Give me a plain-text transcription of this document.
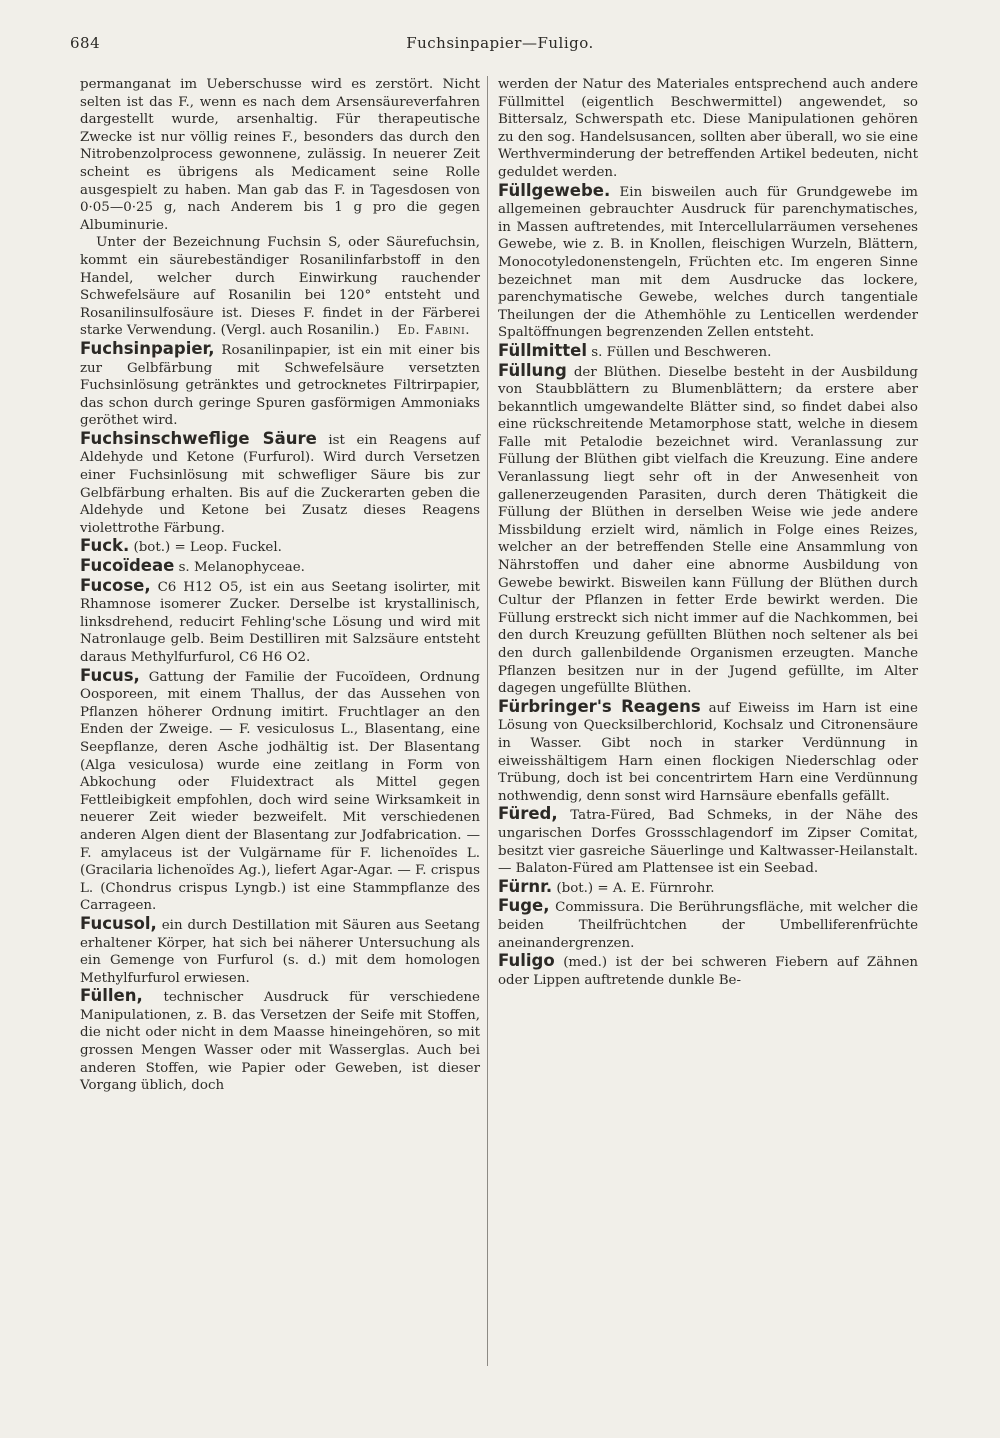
684	Fuchsinpapier—Fuligo.

permanganat im Ueberschusse wird es zerstört. Nicht selten ist das F., wenn es nach dem Arsensäureverfahren dargestellt wurde, arsenhaltig. Für therapeutische Zwecke ist nur völlig reines F., besonders das durch den Nitrobenzolprocess gewonnene, zulässig. In neuerer Zeit scheint es übrigens als Medicament seine Rolle ausgespielt zu haben. Man gab das F. in Tagesdosen von 0·05—0·25 g, nach Anderem bis 1 g pro die gegen Albuminurie.

Unter der Bezeichnung Fuchsin S, oder Säurefuchsin, kommt ein säurebeständiger Rosanilinfarbstoff in den Handel, welcher durch Einwirkung rauchender Schwefelsäure auf Rosanilin bei 120° entsteht und Rosanilinsulfosäure ist. Dieses F. findet in der Färberei starke Verwendung. (Vergl. auch Rosanilin.)	Ed. Fabini.

Fuchsinpapier, Rosanilinpapier, ist ein mit einer bis zur Gelbfärbung mit Schwefelsäure versetzten Fuchsinlösung getränktes und getrocknetes Filtrirpapier, das schon durch geringe Spuren gasförmigen Ammoniaks geröthet wird.

Fuchsinschweflige Säure ist ein Reagens auf Aldehyde und Ketone (Furfurol). Wird durch Versetzen einer Fuchsinlösung mit schwefliger Säure bis zur Gelbfärbung erhalten. Bis auf die Zuckerarten geben die Aldehyde und Ketone bei Zusatz dieses Reagens violettrothe Färbung.

Fuck. (bot.) = Leop. Fuckel.

Fucoïdeae s. Melanophyceae.

Fucose, C6 H12 O5, ist ein aus Seetang isolirter, mit Rhamnose isomerer Zucker. Derselbe ist krystallinisch, linksdrehend, reducirt Fehling'sche Lösung und wird mit Natronlauge gelb. Beim Destilliren mit Salzsäure entsteht daraus Methylfurfurol, C6 H6 O2.

Fucus, Gattung der Familie der Fucoïdeen, Ordnung Oosporeen, mit einem Thallus, der das Aussehen von Pflanzen höherer Ordnung imitirt. Fruchtlager an den Enden der Zweige. — F. vesiculosus L., Blasentang, eine Seepflanze, deren Asche jodhältig ist. Der Blasentang (Alga vesiculosa) wurde eine zeitlang in Form von Abkochung oder Fluidextract als Mittel gegen Fettleibigkeit empfohlen, doch wird seine Wirksamkeit in neuerer Zeit wieder bezweifelt. Mit verschiedenen anderen Algen dient der Blasentang zur Jodfabrication. — F. amylaceus ist der Vulgärname für F. lichenoïdes L. (Gracilaria lichenoïdes Ag.), liefert Agar-Agar. — F. crispus L. (Chondrus crispus Lyngb.) ist eine Stammpflanze des Carrageen.

Fucusol, ein durch Destillation mit Säuren aus Seetang erhaltener Körper, hat sich bei näherer Untersuchung als ein Gemenge von Furfurol (s. d.) mit dem homologen Methylfurfurol erwiesen.

Füllen, technischer Ausdruck für verschiedene Manipulationen, z. B. das Versetzen der Seife mit Stoffen, die nicht oder nicht in dem Maasse hineingehören, so mit grossen Mengen Wasser oder mit Wasserglas. Auch bei anderen Stoffen, wie Papier oder Geweben, ist dieser Vorgang üblich, doch

werden der Natur des Materiales entsprechend auch andere Füllmittel (eigentlich Beschwermittel) angewendet, so Bittersalz, Schwerspath etc. Diese Manipulationen gehören zu den sog. Handelsusancen, sollten aber überall, wo sie eine Werthverminderung der betreffenden Artikel bedeuten, nicht geduldet werden.

Füllgewebe. Ein bisweilen auch für Grundgewebe im allgemeinen gebrauchter Ausdruck für parenchymatisches, in Massen auftretendes, mit Intercellularräumen versehenes Gewebe, wie z. B. in Knollen, fleischigen Wurzeln, Blättern, Monocotyledonenstengeln, Früchten etc. Im engeren Sinne bezeichnet man mit dem Ausdrucke das lockere, parenchymatische Gewebe, welches durch tangentiale Theilungen der die Athemhöhle zu Lenticellen werdender Spaltöffnungen begrenzenden Zellen entsteht.

Füllmittel s. Füllen und Beschweren.

Füllung der Blüthen. Dieselbe besteht in der Ausbildung von Staubblättern zu Blumenblättern; da erstere aber bekanntlich umgewandelte Blätter sind, so findet dabei also eine rückschreitende Metamorphose statt, welche in diesem Falle mit Petalodie bezeichnet wird. Veranlassung zur Füllung der Blüthen gibt vielfach die Kreuzung. Eine andere Veranlassung liegt sehr oft in der Anwesenheit von gallenerzeugenden Parasiten, durch deren Thätigkeit die Füllung der Blüthen in derselben Weise wie jede andere Missbildung erzielt wird, nämlich in Folge eines Reizes, welcher an der betreffenden Stelle eine Ansammlung von Nährstoffen und daher eine abnorme Ausbildung von Gewebe bewirkt. Bisweilen kann Füllung der Blüthen durch Cultur der Pflanzen in fetter Erde bewirkt werden. Die Füllung erstreckt sich nicht immer auf die Nachkommen, bei den durch Kreuzung gefüllten Blüthen noch seltener als bei den durch gallenbildende Organismen erzeugten. Manche Pflanzen besitzen nur in der Jugend gefüllte, im Alter dagegen ungefüllte Blüthen.

Fürbringer's Reagens auf Eiweiss im Harn ist eine Lösung von Quecksilberchlorid, Kochsalz und Citronensäure in Wasser. Gibt noch in starker Verdünnung in eiweisshältigem Harn einen flockigen Niederschlag oder Trübung, doch ist bei concentrirtem Harn eine Verdünnung nothwendig, denn sonst wird Harnsäure ebenfalls gefällt.

Füred, Tatra-Füred, Bad Schmeks, in der Nähe des ungarischen Dorfes Grossschlagendorf im Zipser Comitat, besitzt vier gasreiche Säuerlinge und Kaltwasser-Heilanstalt. — Balaton-Füred am Plattensee ist ein Seebad.

Fürnr. (bot.) = A. E. Fürnrohr.

Fuge, Commissura. Die Berührungsfläche, mit welcher die beiden Theilfrüchtchen der Umbelliferenfrüchte aneinandergrenzen.

Fuligo (med.) ist der bei schweren Fiebern auf Zähnen oder Lippen auftretende dunkle Be-
